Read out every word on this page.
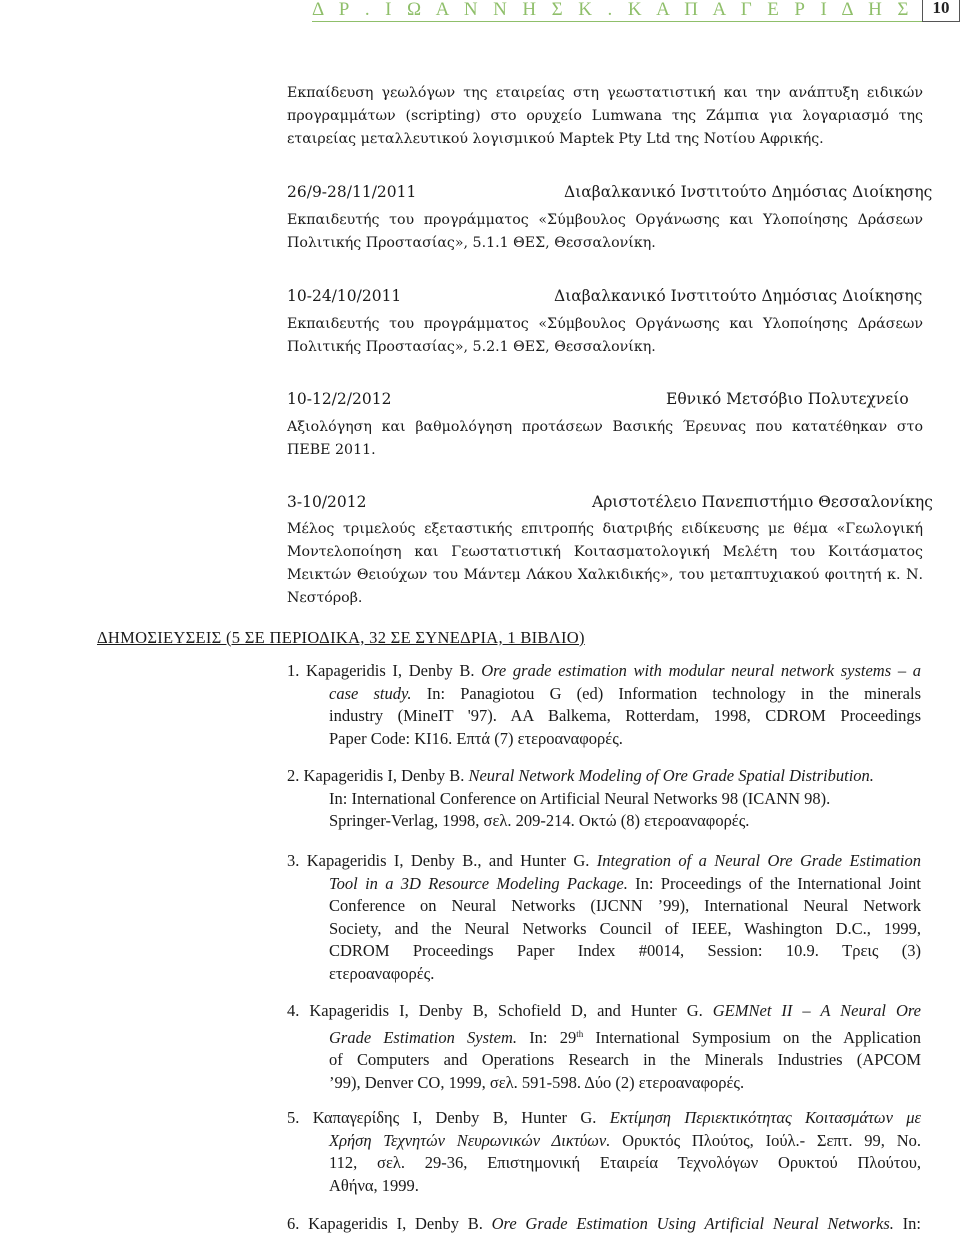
Δ Ρ . Ι Ω Α Ν Ν Η Σ Κ . Κ Α Π Α Γ Ε Ρ Ι Δ Η Σ	10
Εκπαίδευση γεωλόγων της εταιρείας στη γεωστατιστική και την ανάπτυξη ειδικών προγραμμάτων (scripting) στο ορυχείο Lumwana της Ζάμπια για λογαριασμό της εταιρείας μεταλλευτικού λογισμικού Maptek Pty Ltd της Νοτίου Αφρικής.
26/9-28/11/2011	Διαβαλκανικό Ινστιτούτο Δημόσιας Διοίκησης
Εκπαιδευτής του προγράμματος «Σύμβουλος Οργάνωσης και Υλοποίησης Δράσεων Πολιτικής Προστασίας», 5.1.1 ΘΕΣ, Θεσσαλονίκη.
10-24/10/2011	Διαβαλκανικό Ινστιτούτο Δημόσιας Διοίκησης
Εκπαιδευτής του προγράμματος «Σύμβουλος Οργάνωσης και Υλοποίησης Δράσεων Πολιτικής Προστασίας», 5.2.1 ΘΕΣ, Θεσσαλονίκη.
10-12/2/2012	Εθνικό Μετσόβιο Πολυτεχνείο
Αξιολόγηση και βαθμολόγηση προτάσεων Βασικής Έρευνας που κατατέθηκαν στο ΠΕΒΕ 2011.
3-10/2012	Αριστοτέλειο Πανεπιστήμιο Θεσσαλονίκης
Μέλος τριμελούς εξεταστικής επιτροπής διατριβής ειδίκευσης με θέμα «Γεωλογική Μοντελοποίηση και Γεωστατιστική Κοιτασματολογική Μελέτη του Κοιτάσματος Μεικτών Θειούχων του Μάντεμ Λάκου Χαλκιδικής», του μεταπτυχιακού φοιτητή κ. Ν. Νεστόροβ.
ΔΗΜΟΣΙΕΥΣΕΙΣ (5 ΣΕ ΠΕΡΙΟΔΙΚΑ, 32 ΣΕ ΣΥΝΕΔΡΙΑ, 1 ΒΙΒΛΙΟ)
1. Kapageridis I, Denby B. Ore grade estimation with modular neural network systems – a
case study. In: Panagiotou G (ed) Information technology in the minerals
industry (MineIT '97). AA Balkema, Rotterdam, 1998, CDROM Proceedings
Paper Code: KI16. Επτά (7) ετεροαναφορές.
2. Kapageridis I, Denby B. Neural Network Modeling of Ore Grade Spatial Distribution.
In: International Conference on Artificial Neural Networks 98 (ICANN 98).
Springer-Verlag, 1998, σελ. 209-214. Οκτώ (8) ετεροαναφορές.
3. Kapageridis I, Denby B., and Hunter G. Integration of a Neural Ore Grade Estimation
Tool in a 3D Resource Modeling Package. In: Proceedings of the International Joint
Conference on Neural Networks (IJCNN ’99), International Neural Network
Society, and the Neural Networks Council of IEEE, Washington D.C., 1999,
CDROM Proceedings Paper Index #0014, Session: 10.9. Τρεις (3)
ετεροαναφορές.
4. Kapageridis I, Denby B, Schofield D, and Hunter G. GEMNet II – A Neural Ore
Grade Estimation System. In: 29th International Symposium on the Application
of Computers and Operations Research in the Minerals Industries (APCOM
’99), Denver CO, 1999, σελ. 591-598. Δύο (2) ετεροαναφορές.
5. Καπαγερίδης Ι, Denby B, Hunter G. Εκτίμηση Περιεκτικότητας Κοιτασμάτων με
Χρήση Τεχνητών Νευρωνικών Δικτύων. Ορυκτός Πλούτος, Ιούλ.- Σεπτ. 99, Νο.
112, σελ. 29-36, Επιστημονική Εταιρεία Τεχνολόγων Ορυκτού Πλούτου,
Αθήνα, 1999.
6. Kapageridis I, Denby B. Ore Grade Estimation Using Artificial Neural Networks. In:
